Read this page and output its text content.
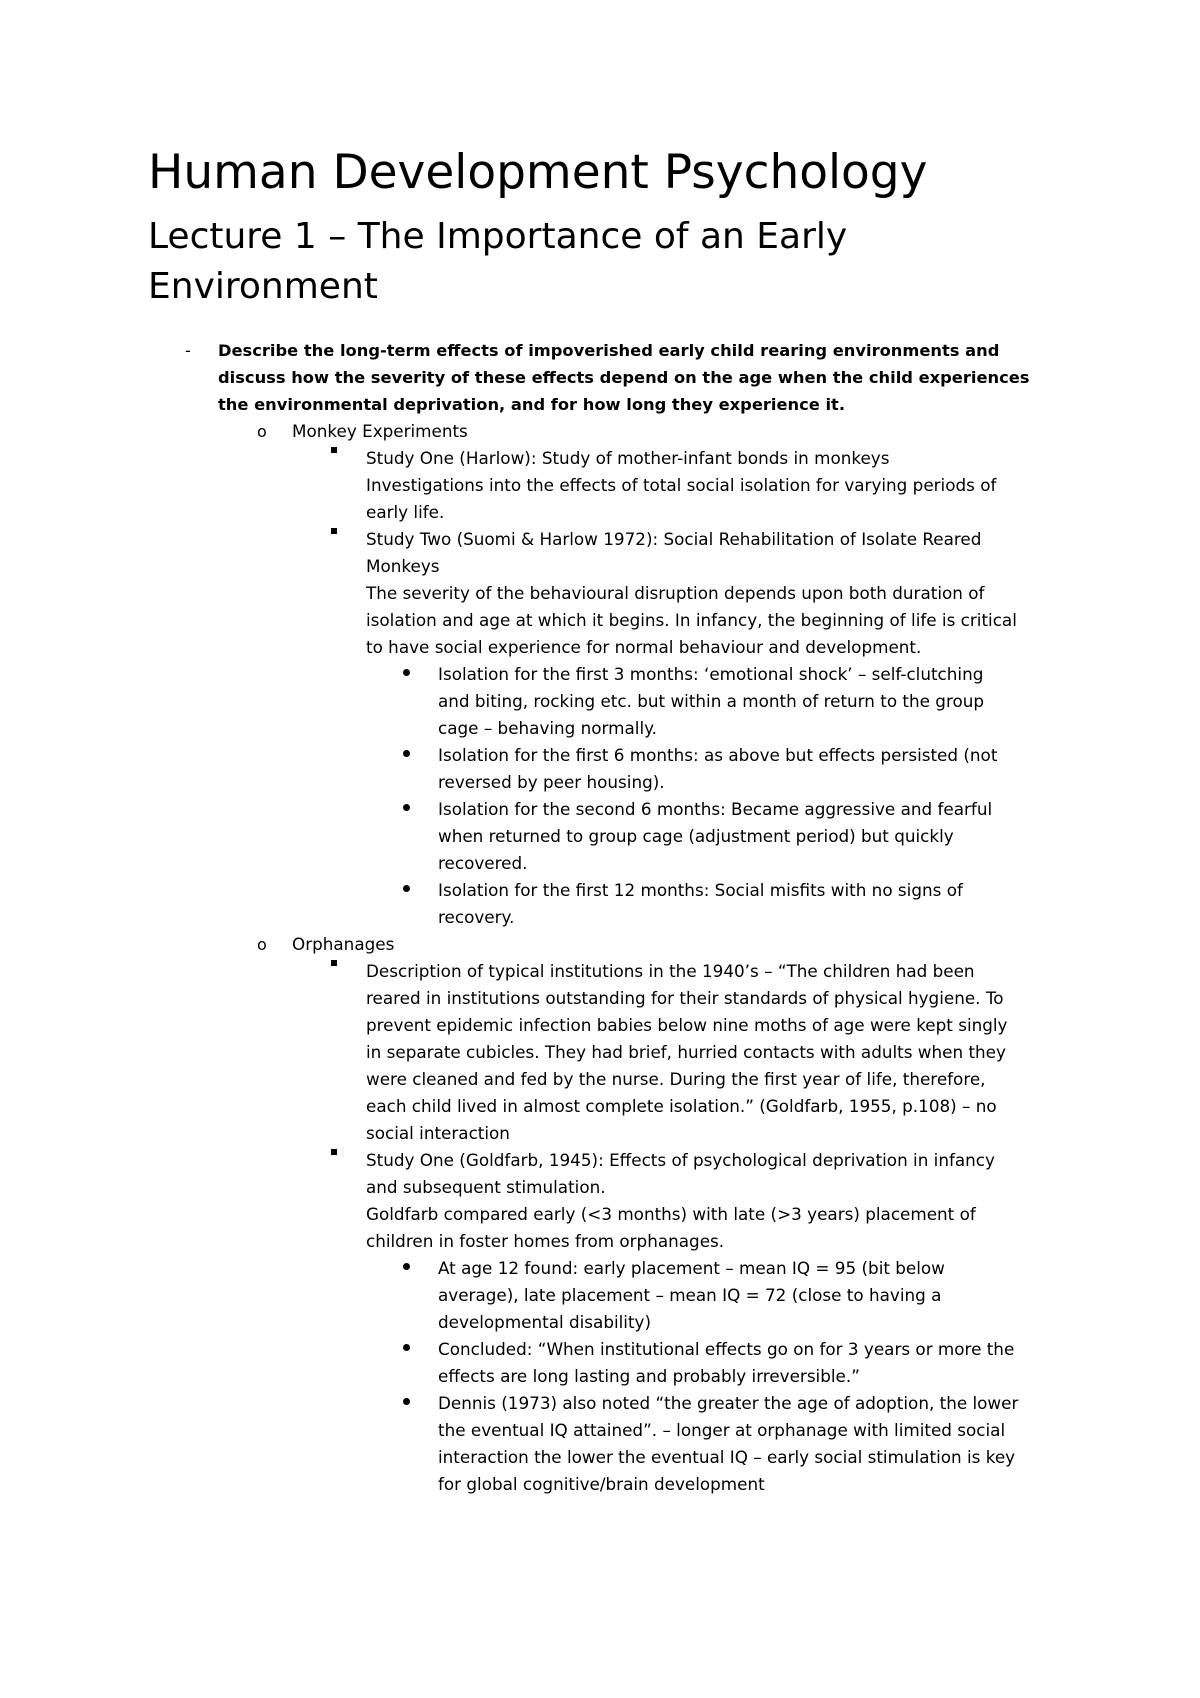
Human Development Psychology
Lecture 1 – The Importance of an Early Environment
- Describe the long-term effects of impoverished early child rearing environments and
discuss how the severity of these effects depend on the age when the child experiences
the environmental deprivation, and for how long they experience it.
o Monkey Experiments
Study One (Harlow): Study of mother-infant bonds in monkeys
Investigations into the effects of total social isolation for varying periods of
early life.
Study Two (Suomi & Harlow 1972): Social Rehabilitation of Isolate Reared
Monkeys
The severity of the behavioural disruption depends upon both duration of
isolation and age at which it begins. In infancy, the beginning of life is critical
to have social experience for normal behaviour and development.
Isolation for the first 3 months: ‘emotional shock’ – self-clutching
and biting, rocking etc. but within a month of return to the group
cage – behaving normally.
Isolation for the first 6 months: as above but effects persisted (not
reversed by peer housing).
Isolation for the second 6 months: Became aggressive and fearful
when returned to group cage (adjustment period) but quickly
recovered.
Isolation for the first 12 months: Social misfits with no signs of
recovery.
o Orphanages
Description of typical institutions in the 1940’s – “The children had been
reared in institutions outstanding for their standards of physical hygiene. To
prevent epidemic infection babies below nine moths of age were kept singly
in separate cubicles. They had brief, hurried contacts with adults when they
were cleaned and fed by the nurse. During the first year of life, therefore,
each child lived in almost complete isolation.” (Goldfarb, 1955, p.108) – no
social interaction
Study One (Goldfarb, 1945): Effects of psychological deprivation in infancy
and subsequent stimulation.
Goldfarb compared early (<3 months) with late (>3 years) placement of
children in foster homes from orphanages.
At age 12 found: early placement – mean IQ = 95 (bit below
average), late placement – mean IQ = 72 (close to having a
developmental disability)
Concluded: “When institutional effects go on for 3 years or more the
effects are long lasting and probably irreversible.”
Dennis (1973) also noted “the greater the age of adoption, the lower
the eventual IQ attained”. – longer at orphanage with limited social
interaction the lower the eventual IQ – early social stimulation is key
for global cognitive/brain development
